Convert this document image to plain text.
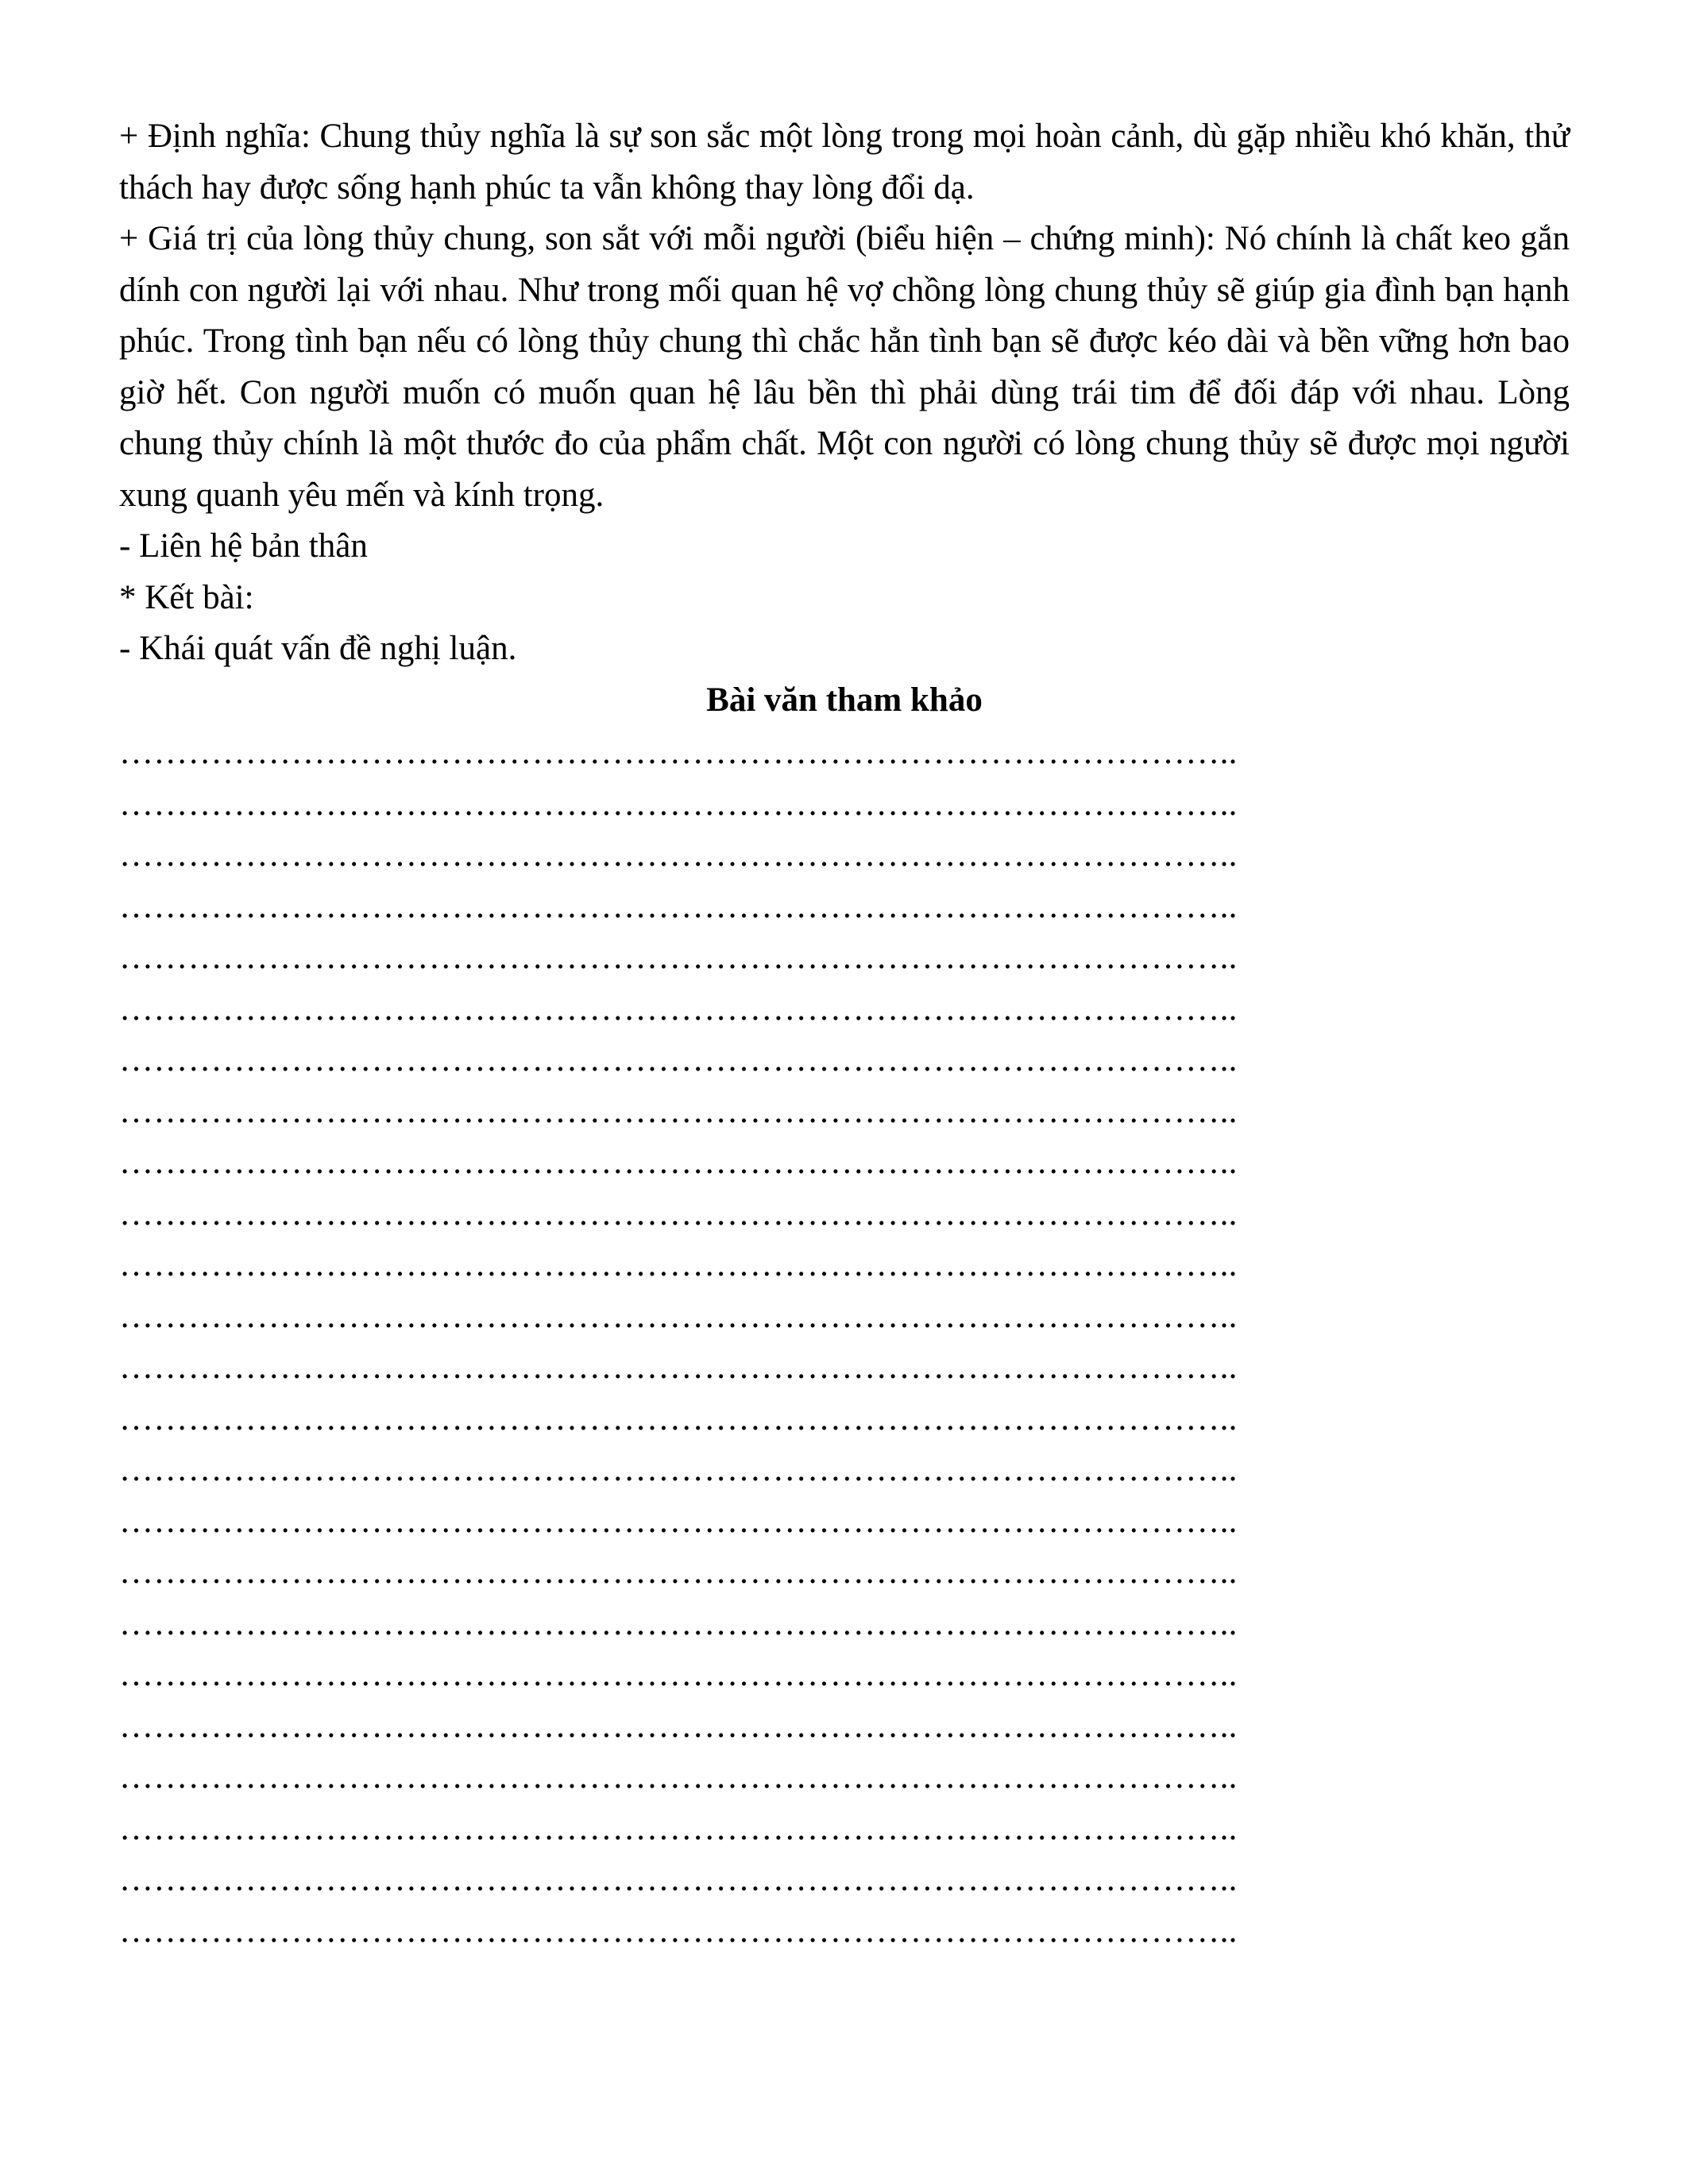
+ Định nghĩa: Chung thủy nghĩa là sự son sắc một lòng trong mọi hoàn cảnh, dù gặp nhiều khó khăn, thử thách hay được sống hạnh phúc ta vẫn không thay lòng đổi dạ.

+ Giá trị của lòng thủy chung, son sắt với mỗi người (biểu hiện – chứng minh): Nó chính là chất keo gắn dính con người lại với nhau. Như trong mối quan hệ vợ chồng lòng chung thủy sẽ giúp gia đình bạn hạnh phúc. Trong tình bạn nếu có lòng thủy chung thì chắc hẳn tình bạn sẽ được kéo dài và bền vững hơn bao giờ hết. Con người muốn có muốn quan hệ lâu bền thì phải dùng trái tim để đối đáp với nhau. Lòng chung thủy chính là một thước đo của phẩm chất. Một con người có lòng chung thủy sẽ được mọi người xung quanh yêu mến và kính trọng.

- Liên hệ bản thân

* Kết bài:

- Khái quát vấn đề nghị luận.

Bài văn tham khảo

……………………………………………………………………………………..
……………………………………………………………………………………..
……………………………………………………………………………………..
……………………………………………………………………………………..
……………………………………………………………………………………..
……………………………………………………………………………………..
……………………………………………………………………………………..
……………………………………………………………………………………..
……………………………………………………………………………………..
……………………………………………………………………………………..
……………………………………………………………………………………..
……………………………………………………………………………………..
……………………………………………………………………………………..
……………………………………………………………………………………..
……………………………………………………………………………………..
……………………………………………………………………………………..
……………………………………………………………………………………..
……………………………………………………………………………………..
……………………………………………………………………………………..
……………………………………………………………………………………..
……………………………………………………………………………………..
……………………………………………………………………………………..
……………………………………………………………………………………..
……………………………………………………………………………………..
